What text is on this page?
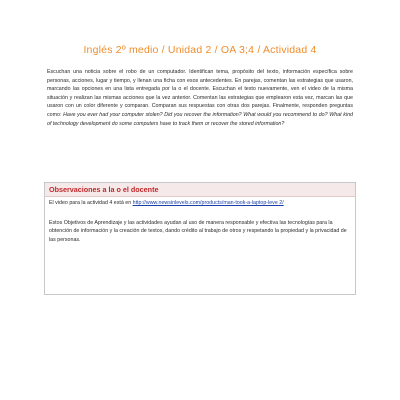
Inglés 2º medio / Unidad 2 / OA 3;4 / Actividad 4
Escuchan una noticia sobre el robo de un computador. Identifican tema, propósito del texto, información específica sobre personas, acciones, lugar y tiempo, y llenan una ficha con esos antecedentes. En parejas, comentan las estrategias que usaron, marcando las opciones en una lista entregada por la o el docente. Escuchan el texto nuevamente, ven el video de la misma situación y realizan las mismas acciones que la vez anterior. Comentan las estrategias que emplearon esta vez, marcan las que usaron con un color diferente y comparan. Comparan sus respuestas con otras dos parejas. Finalmente, responden preguntas como: Have you ever had your computer stolen? Did you recover the information? What would you recommend to do? What kind of technology development do some computers have to track them or recover the stored information?
Observaciones a la o el docente
El video para la actividad 4 está en http://www.newsinlevels.com/products/man-took-a-laptop-leve 2/
Estos Objetivos de Aprendizaje y las actividades ayudan al uso de manera responsable y efectiva las tecnologías para la obtención de información y la creación de textos, dando crédito al trabajo de otros y respetando la propiedad y la privacidad de las personas.
